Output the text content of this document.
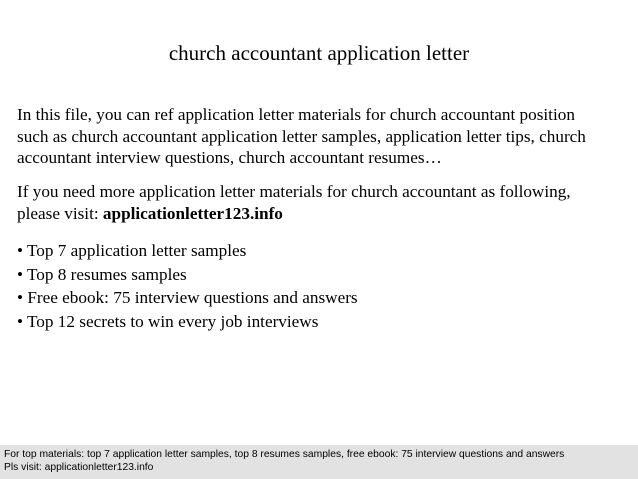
church accountant application letter
In this file, you can ref application letter materials for church accountant position
such as church accountant application letter samples, application letter tips, church
accountant interview questions, church accountant resumes…
If you need more application letter materials for church accountant as following,
please visit: applicationletter123.info
• Top 7 application letter samples
• Top 8 resumes samples
• Free ebook: 75 interview questions and answers
• Top 12 secrets to win every job interviews
For top materials: top 7 application letter samples, top 8 resumes samples, free ebook: 75 interview questions and answers
Pls visit: applicationletter123.info
